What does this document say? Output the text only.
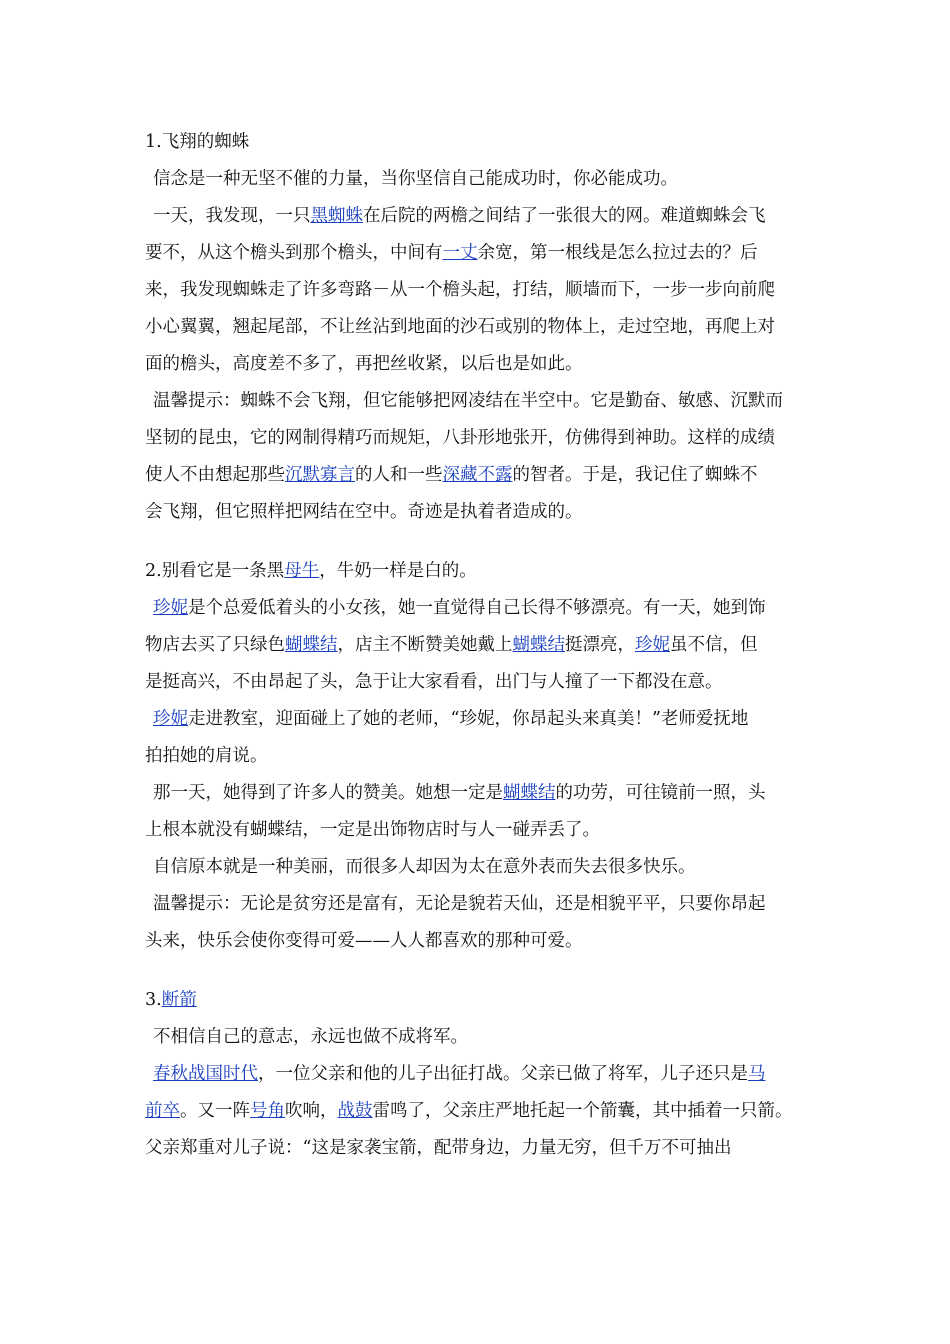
1.飞翔的蜘蛛
信念是一种无坚不催的力量，当你坚信自己能成功时，你必能成功。
一天，我发现，一只黑蜘蛛在后院的两檐之间结了一张很大的网。难道蜘蛛会飞
要不，从这个檐头到那个檐头，中间有一丈余宽，第一根线是怎么拉过去的？后
来，我发现蜘蛛走了许多弯路－从一个檐头起，打结，顺墙而下，一步一步向前爬
小心翼翼，翘起尾部，不让丝沾到地面的沙石或别的物体上，走过空地，再爬上对
面的檐头，高度差不多了，再把丝收紧，以后也是如此。
温馨提示：蜘蛛不会飞翔，但它能够把网凌结在半空中。它是勤奋、敏感、沉默而
坚韧的昆虫，它的网制得精巧而规矩，八卦形地张开，仿佛得到神助。这样的成绩
使人不由想起那些沉默寡言的人和一些深藏不露的智者。于是，我记住了蜘蛛不
会飞翔，但它照样把网结在空中。奇迹是执着者造成的。
2.别看它是一条黑母牛，牛奶一样是白的。
珍妮是个总爱低着头的小女孩，她一直觉得自己长得不够漂亮。有一天，她到饰
物店去买了只绿色蝴蝶结，店主不断赞美她戴上蝴蝶结挺漂亮，珍妮虽不信，但
是挺高兴，不由昂起了头，急于让大家看看，出门与人撞了一下都没在意。
珍妮走进教室，迎面碰上了她的老师，“珍妮，你昂起头来真美！”老师爱抚地
拍拍她的肩说。
那一天，她得到了许多人的赞美。她想一定是蝴蝶结的功劳，可往镜前一照，头
上根本就没有蝴蝶结，一定是出饰物店时与人一碰弄丢了。
自信原本就是一种美丽，而很多人却因为太在意外表而失去很多快乐。
温馨提示：无论是贫穷还是富有，无论是貌若天仙，还是相貌平平，只要你昂起
头来，快乐会使你变得可爱——人人都喜欢的那种可爱。
3.断箭
不相信自己的意志，永远也做不成将军。
春秋战国时代，一位父亲和他的儿子出征打战。父亲已做了将军，儿子还只是马
前卒。又一阵号角吹响，战鼓雷鸣了，父亲庄严地托起一个箭囊，其中插着一只箭。
父亲郑重对儿子说：“这是家袭宝箭，配带身边，力量无穷，但千万不可抽出
